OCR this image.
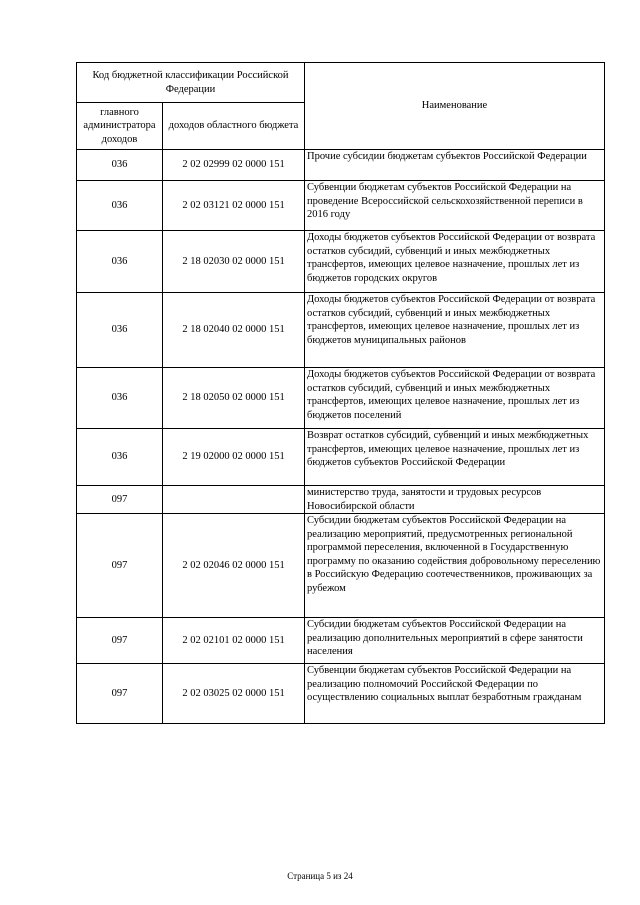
Код бюджетной классификации Российской Федерации		Наименование
главного администратора доходов	доходов областного бюджета	
036	2 02 02999 02 0000 151	Прочие субсидии бюджетам субъектов Российской Федерации
036	2 02 03121 02 0000 151	Субвенции бюджетам субъектов Российской Федерации на проведение Всероссийской сельскохозяйственной переписи в 2016 году
036	2 18 02030 02 0000 151	Доходы бюджетов субъектов Российской Федерации от возврата остатков субсидий, субвенций и иных межбюджетных трансфертов, имеющих целевое назначение, прошлых лет из бюджетов городских округов
036	2 18 02040 02 0000 151	Доходы бюджетов субъектов Российской Федерации от возврата остатков субсидий, субвенций и иных межбюджетных трансфертов, имеющих целевое назначение, прошлых лет из бюджетов муниципальных районов
036	2 18 02050 02 0000 151	Доходы бюджетов субъектов Российской Федерации от возврата остатков субсидий, субвенций и иных межбюджетных трансфертов, имеющих целевое назначение, прошлых лет из бюджетов поселений
036	2 19 02000 02 0000 151	Возврат остатков субсидий, субвенций и иных межбюджетных трансфертов, имеющих целевое назначение, прошлых лет из бюджетов субъектов Российской Федерации
097		министерство труда, занятости и трудовых ресурсов Новосибирской области
097	2 02 02046 02 0000 151	Субсидии бюджетам субъектов Российской Федерации на реализацию мероприятий, предусмотренных региональной программой переселения, включенной в Государственную программу по оказанию содействия добровольному переселению в Российскую Федерацию соотечественников, проживающих за рубежом
097	2 02 02101 02 0000 151	Субсидии бюджетам субъектов Российской Федерации на реализацию дополнительных мероприятий в сфере занятости населения
097	2 02 03025 02 0000 151	Субвенции бюджетам субъектов Российской Федерации на реализацию полномочий Российской Федерации по осуществлению социальных выплат безработным гражданам
Страница 5 из 24
